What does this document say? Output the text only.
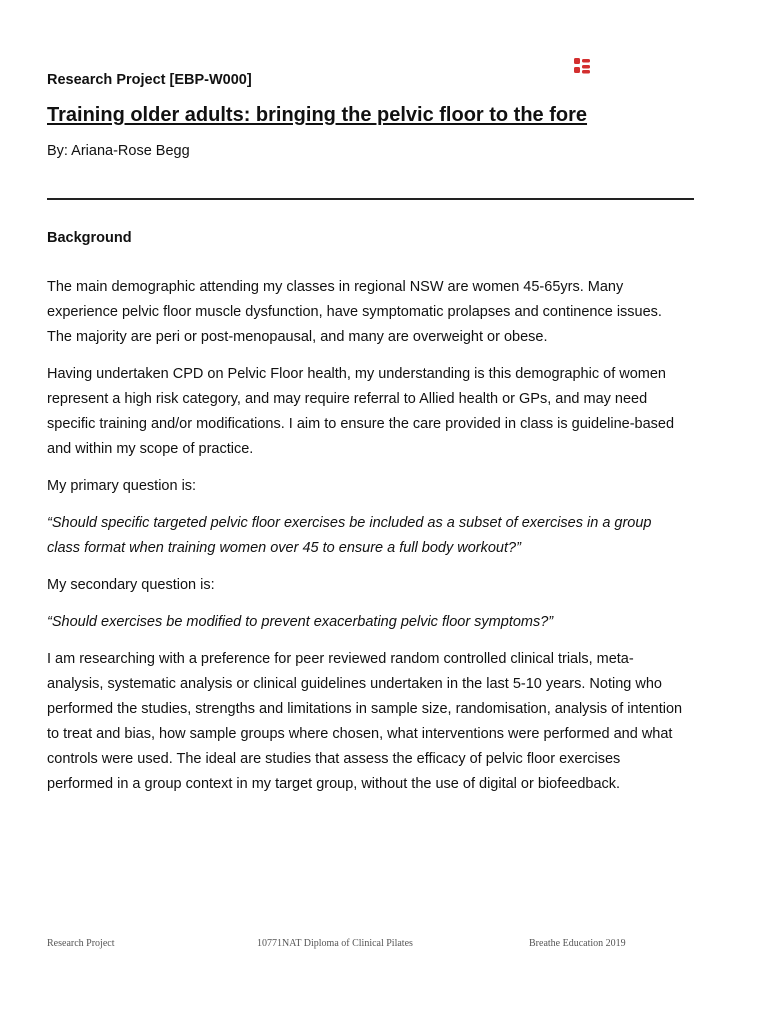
Research Project [EBP-W000]

Training older adults: bringing the pelvic floor to the fore

By: Ariana-Rose Begg

Background

The main demographic attending my classes in regional NSW are women 45-65yrs. Many experience pelvic floor muscle dysfunction, have symptomatic prolapses and continence issues. The majority are peri or post-menopausal, and many are overweight or obese.

Having undertaken CPD on Pelvic Floor health, my understanding is this demographic of women represent a high risk category, and may require referral to Allied health or GPs, and may need specific training and/or modifications. I aim to ensure the care provided in class is guideline-based and within my scope of practice.

My primary question is:

“Should specific targeted pelvic floor exercises be included as a subset of exercises in a group class format when training women over 45 to ensure a full body workout?”

My secondary question is:

“Should exercises be modified to prevent exacerbating pelvic floor symptoms?”

I am researching with a preference for peer reviewed random controlled clinical trials, meta-analysis, systematic analysis or clinical guidelines undertaken in the last 5-10 years. Noting who performed the studies, strengths and limitations in sample size, randomisation, analysis of intention to treat and bias, how sample groups where chosen, what interventions were performed and what controls were used. The ideal are studies that assess the efficacy of pelvic floor exercises performed in a group context in my target group, without the use of digital or biofeedback.

Research Project	10771NAT Diploma of Clinical Pilates	Breathe Education 2019
